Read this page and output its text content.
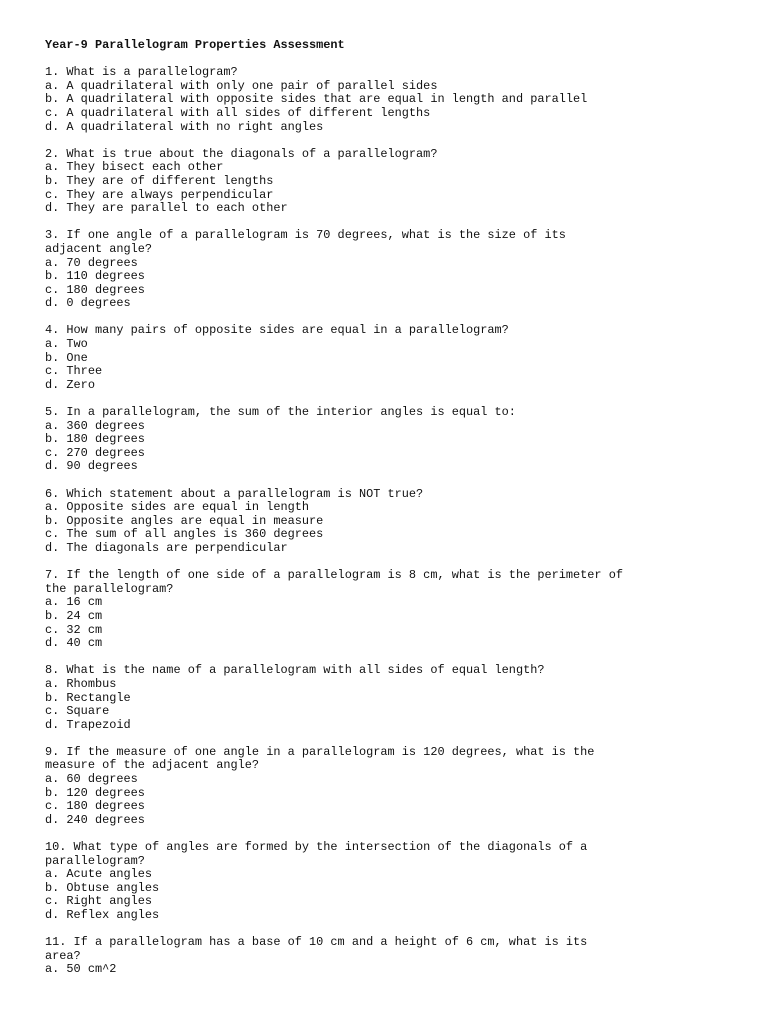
Year-9 Parallelogram Properties Assessment
1. What is a parallelogram?
a. A quadrilateral with only one pair of parallel sides
b. A quadrilateral with opposite sides that are equal in length and parallel
c. A quadrilateral with all sides of different lengths
d. A quadrilateral with no right angles
2. What is true about the diagonals of a parallelogram?
a. They bisect each other
b. They are of different lengths
c. They are always perpendicular
d. They are parallel to each other
3. If one angle of a parallelogram is 70 degrees, what is the size of its
adjacent angle?
a. 70 degrees
b. 110 degrees
c. 180 degrees
d. 0 degrees
4. How many pairs of opposite sides are equal in a parallelogram?
a. Two
b. One
c. Three
d. Zero
5. In a parallelogram, the sum of the interior angles is equal to:
a. 360 degrees
b. 180 degrees
c. 270 degrees
d. 90 degrees
6. Which statement about a parallelogram is NOT true?
a. Opposite sides are equal in length
b. Opposite angles are equal in measure
c. The sum of all angles is 360 degrees
d. The diagonals are perpendicular
7. If the length of one side of a parallelogram is 8 cm, what is the perimeter of
the parallelogram?
a. 16 cm
b. 24 cm
c. 32 cm
d. 40 cm
8. What is the name of a parallelogram with all sides of equal length?
a. Rhombus
b. Rectangle
c. Square
d. Trapezoid
9. If the measure of one angle in a parallelogram is 120 degrees, what is the
measure of the adjacent angle?
a. 60 degrees
b. 120 degrees
c. 180 degrees
d. 240 degrees
10. What type of angles are formed by the intersection of the diagonals of a
parallelogram?
a. Acute angles
b. Obtuse angles
c. Right angles
d. Reflex angles
11. If a parallelogram has a base of 10 cm and a height of 6 cm, what is its
area?
a. 50 cm^2
